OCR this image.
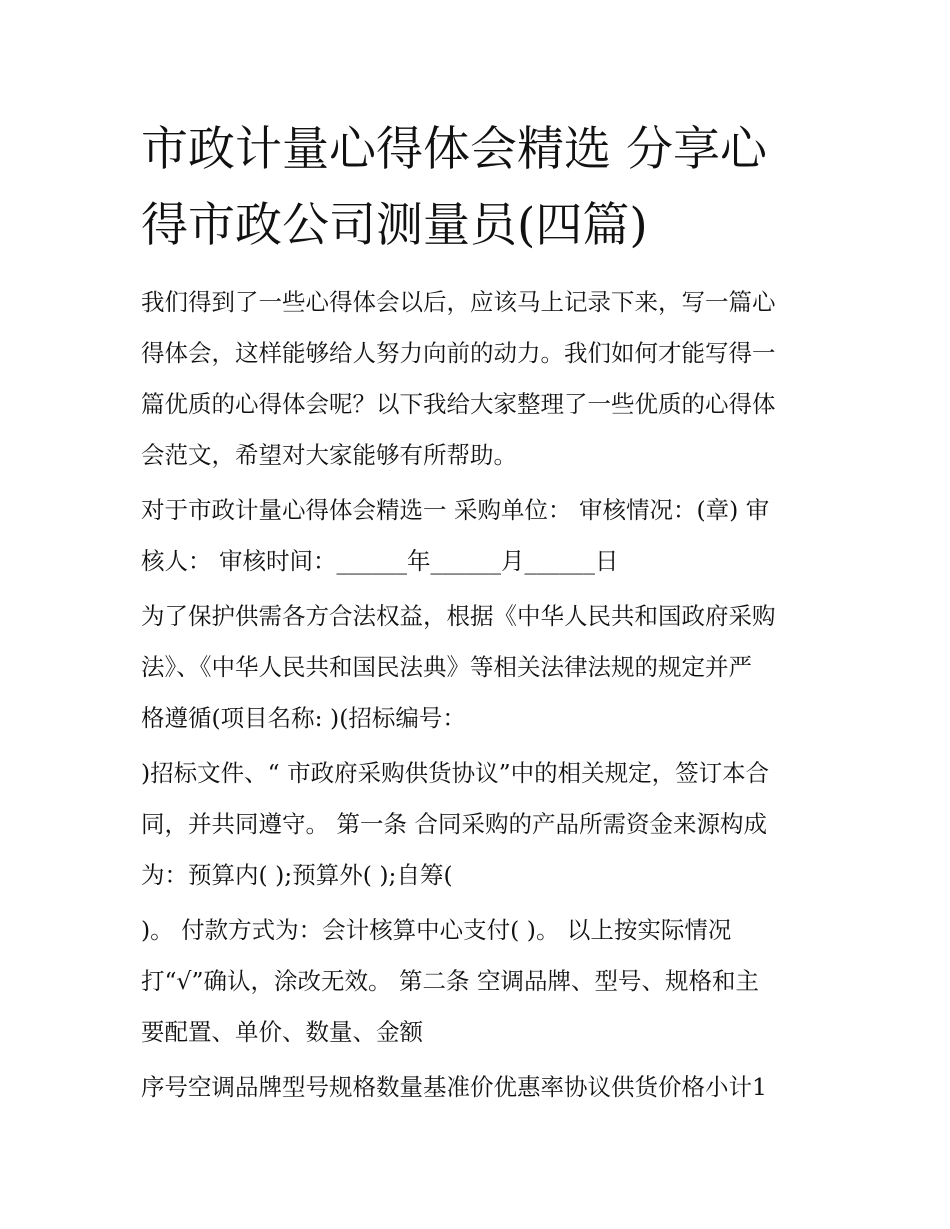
市政计量心得体会精选 分享心
得市政公司测量员(四篇)

我们得到了一些心得体会以后，应该马上记录下来，写一篇心
得体会，这样能够给人努力向前的动力。我们如何才能写得一
篇优质的心得体会呢？以下我给大家整理了一些优质的心得体
会范文，希望对大家能够有所帮助。

对于市政计量心得体会精选一 采购单位： 审核情况：(章) 审
核人： 审核时间：______年______月______日

为了保护供需各方合法权益，根据《中华人民共和国政府采购
法》、《中华人民共和国民法典》等相关法律法规的规定并严
格遵循(项目名称: )(招标编号：

)招标文件、“ 市政府采购供货协议”中的相关规定，签订本合
同，并共同遵守。 第一条 合同采购的产品所需资金来源构成
为：预算内( );预算外( );自筹(

)。 付款方式为：会计核算中心支付( )。 以上按实际情况
打“√”确认，涂改无效。 第二条 空调品牌、型号、规格和主
要配置、单价、数量、金额

序号空调品牌型号规格数量基准价优惠率协议供货价格小计1
